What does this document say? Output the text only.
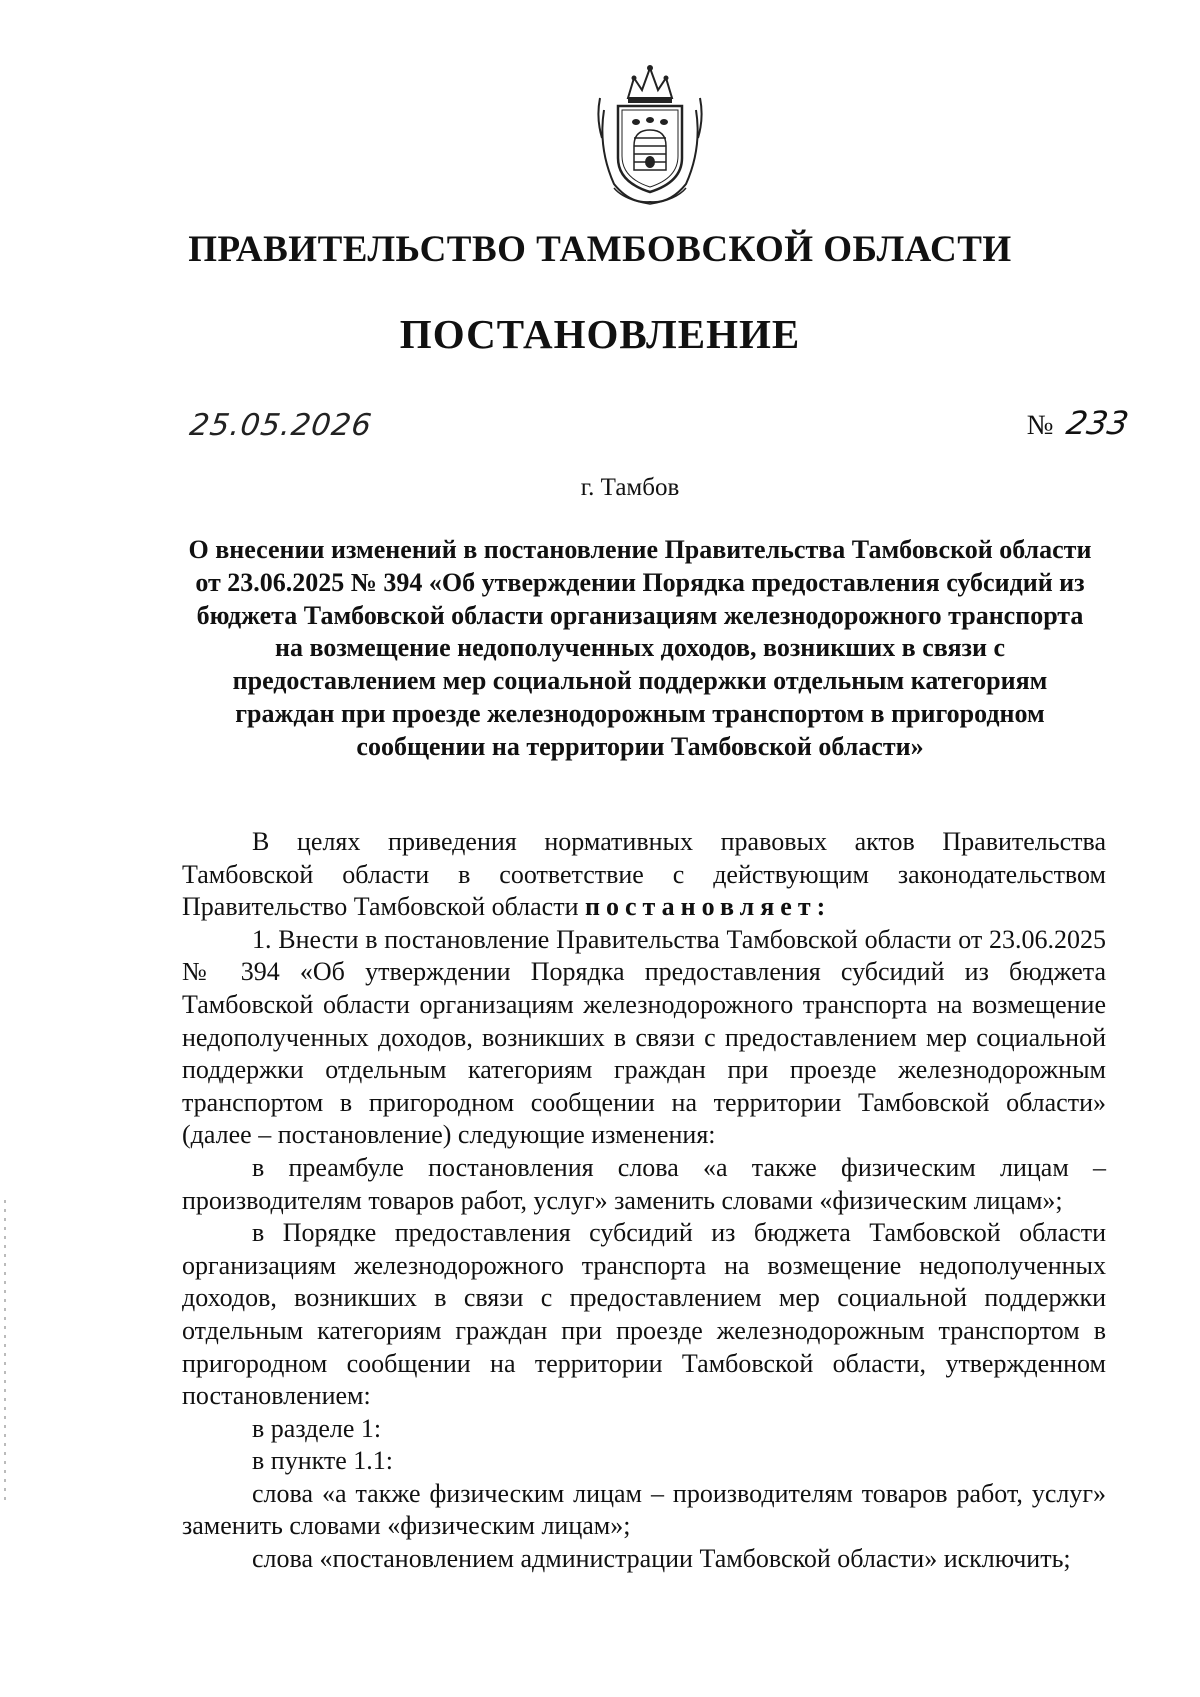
ПРАВИТЕЛЬСТВО ТАМБОВСКОЙ ОБЛАСТИ
ПОСТАНОВЛЕНИЕ
25.05.2026	№ 233
г. Тамбов
О внесении изменений в постановление Правительства Тамбовской области от 23.06.2025 № 394 «Об утверждении Порядка предоставления субсидий из бюджета Тамбовской области организациям железнодорожного транспорта на возмещение недополученных доходов, возникших в связи с предоставлением мер социальной поддержки отдельным категориям граждан при проезде железнодорожным транспортом в пригородном сообщении на территории Тамбовской области»

В целях приведения нормативных правовых актов Правительства Тамбовской области в соответствие с действующим законодательством Правительство Тамбовской области постановляет:

1. Внести в постановление Правительства Тамбовской области от 23.06.2025 № 394 «Об утверждении Порядка предоставления субсидий из бюджета Тамбовской области организациям железнодорожного транспорта на возмещение недополученных доходов, возникших в связи с предоставлением мер социальной поддержки отдельным категориям граждан при проезде железнодорожным транспортом в пригородном сообщении на территории Тамбовской области» (далее – постановление) следующие изменения:

в преамбуле постановления слова «а также физическим лицам – производителям товаров работ, услуг» заменить словами «физическим лицам»;

в Порядке предоставления субсидий из бюджета Тамбовской области организациям железнодорожного транспорта на возмещение недополученных доходов, возникших в связи с предоставлением мер социальной поддержки отдельным категориям граждан при проезде железнодорожным транспортом в пригородном сообщении на территории Тамбовской области, утвержденном постановлением:

в разделе 1:

в пункте 1.1:

слова «а также физическим лицам – производителям товаров работ, услуг» заменить словами «физическим лицам»;

слова «постановлением администрации Тамбовской области» исключить;
